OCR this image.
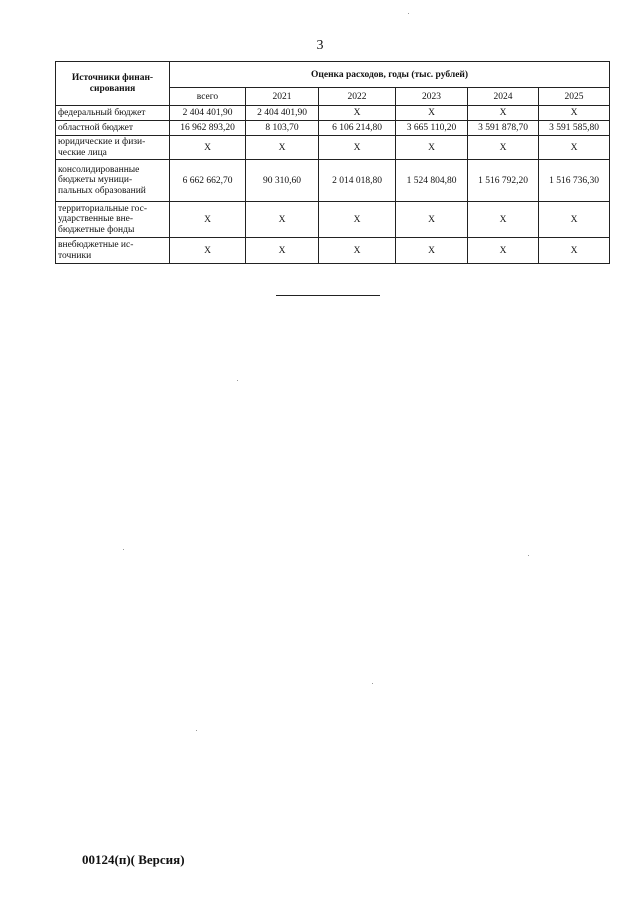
3
Источники финан-
сирования	Оценка расходов, годы (тыс. рублей)					
	всего	2021	2022	2023	2024	2025
федеральный бюджет	2 404 401,90	2 404 401,90	Х	Х	Х	Х
областной бюджет	16 962 893,20	8 103,70	6 106 214,80	3 665 110,20	3 591 878,70	3 591 585,80
юридические и физи-
ческие лица	Х	Х	Х	Х	Х	Х
консолидированные
бюджеты муници-
пальных образований	6 662 662,70	90 310,60	2 014 018,80	1 524 804,80	1 516 792,20	1 516 736,30
территориальные гос-
ударственные вне-
бюджетные фонды	Х	Х	Х	Х	Х	Х
внебюджетные ис-
точники	Х	Х	Х	Х	Х	Х
00124(п)( Версия)
